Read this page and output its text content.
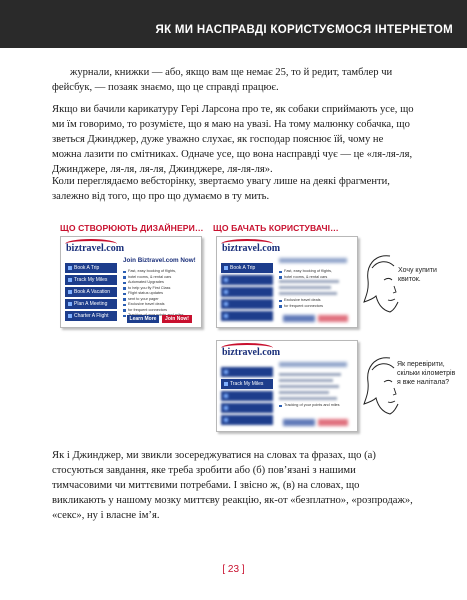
ЯК МИ НАСПРАВДІ КОРИСТУЄМОСЯ ІНТЕРНЕТОМ

журнали, книжки — або, якщо вам ще немає 25, то й редит, тамблер чи фейсбук, — позаяк знаємо, що це справді працює.

Якщо ви бачили карикатуру Гері Ларсона про те, як собаки сприймають усе, що ми їм говоримо, то розумієте, що я маю на увазі. На тому малюнку собачка, що зветься Джинджер, дуже уважно слухає, як господар пояснює їй, чому не можна лазити по смітниках. Одначе усе, що вона насправді чує — це «ля-ля-ля, Джинджере, ля-ля, ля-ля, Джинджере, ля-ля-ля».

Коли переглядаємо вебсторінку, звертаємо увагу лише на деякі фрагменти, залежно від того, що про що думаємо в ту мить.

ЩО СТВОРЮЮТЬ ДИЗАЙНЕРИ… ЩО БАЧАТЬ КОРИСТУВАЧІ…
biztravel.com
Book A Trip
Track My Miles
Book A Vacation
Plan A Meeting
Charter A Flight
Join Biztravel.com Now!
Fast, easy booking of flights,
hotel rooms, & rental cars
Automated Upgrades
to help you fly First Class
Flight status updates
sent to your pager
Exclusive travel deals
for frequent connectors
Learn More	Join Now!
biztravel.com
Book A Trip	Fast, easy booking of flights,
hotel rooms, & rental cars
Exclusive travel deals
for frequent connectors
biztravel.com
Track My Miles
Tracking of your points and miles
Хочу купити квиток.
Як перевірити, скільки кілометрів я вже налітала?

Як і Джинджер, ми звикли зосереджуватися на словах та фразах, що (а) стосуються завдання, яке треба зробити або (б) пов’язані з нашими тимчасовими чи миттєвими потребами. І звісно ж, (в) на словах, що викликають у нашому мозку миттєву реакцію, як-от «безплатно», «розпродаж», «секс», ну і власне ім’я.

[ 23 ]
